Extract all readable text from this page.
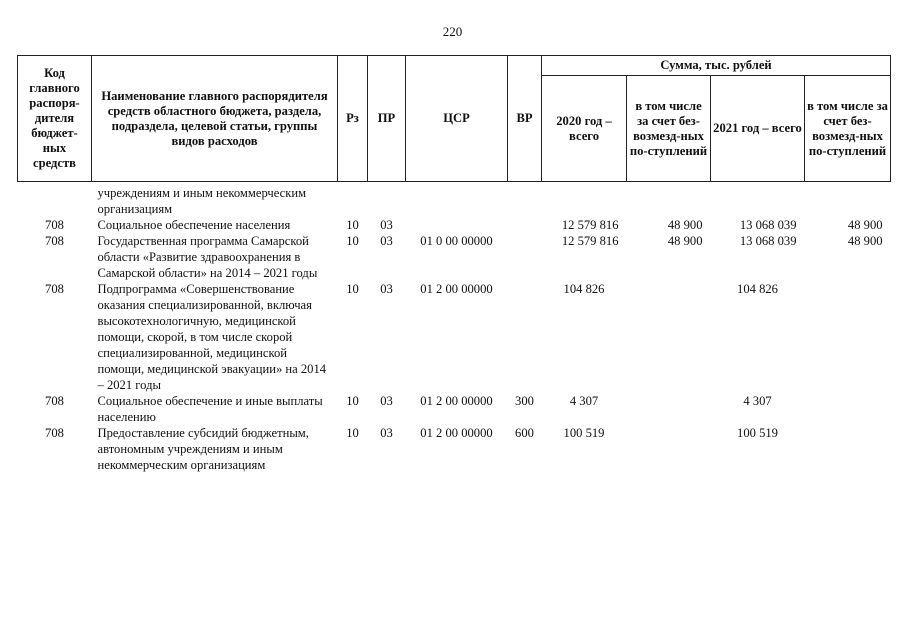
220
Код главного распоря-дителя бюджет-ных средств	Наименование главного распорядителя средств областного бюджета, раздела, подраздела, целевой статьи, группы видов расходов	Рз	ПР	ЦСР	ВР	Сумма, тыс. рублей			
						2020 год – всего	в том числе за счет без-возмезд-ных по-ступлений	2021 год – всего	в том числе за счет без-возмезд-ных по-ступлений
	учреждениям и иным некоммерческим организациям								
708	Социальное обеспечение населения	10	03			12 579 816	48 900	13 068 039	48 900
708	Государственная программа Самарской области «Развитие здравоохранения в Самарской области» на 2014 – 2021 годы	10	03	01 0 00 00000		12 579 816	48 900	13 068 039	48 900
708	Подпрограмма «Совершенствование оказания специализированной, включая высокотехнологичную, медицинской помощи, скорой, в том числе скорой специализированной, медицинской помощи, медицинской эвакуации» на 2014 – 2021 годы	10	03	01 2 00 00000		104 826		104 826	
708	Социальное обеспечение и иные выплаты населению	10	03	01 2 00 00000	300	4 307		4 307	
708	Предоставление субсидий бюджетным, автономным учреждениям и иным некоммерческим организациям	10	03	01 2 00 00000	600	100 519		100 519	
